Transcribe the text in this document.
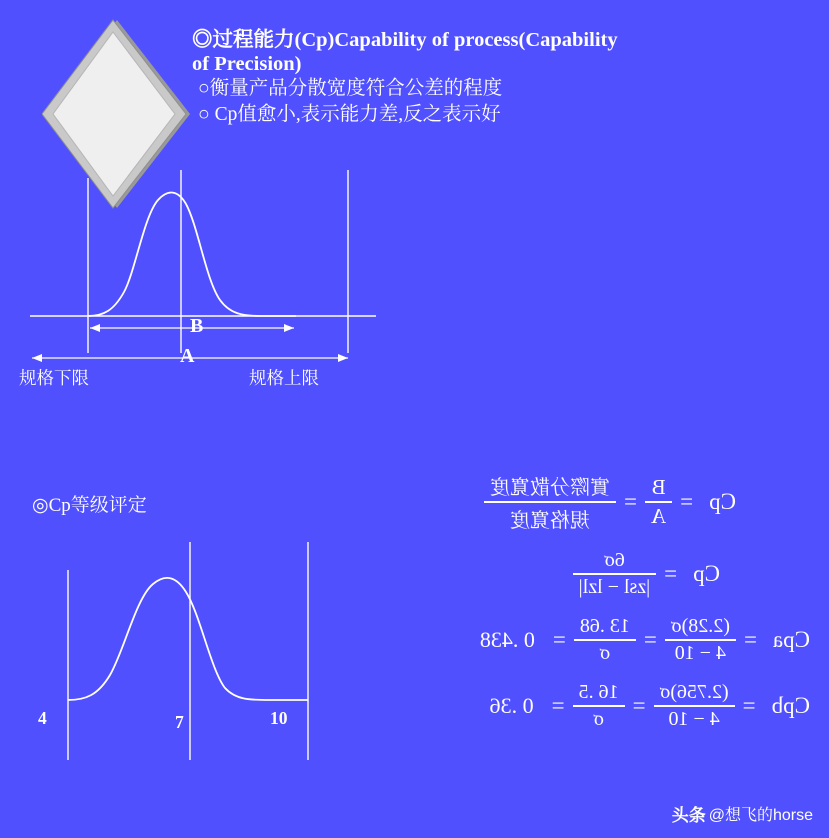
◎过程能力(Cp)Capability of process(Capability
of Precision)
○衡量产品分散宽度符合公差的程度
○ Cp值愈小,表示能力差,反之表示好
B
A
规格下限	规格上限
◎Cp等级评定
4	7	10
Cp
=
$\frac{B}{A}$
=
$\frac{\text{實際分散寬度}}{\text{規格寬度}}$
Cp
=
$\frac{6\sigma}{\text{|zsl − lzl|}}$
Cpa
=
$\frac{(2.28)\sigma}{4 - 10}$
=
$\frac{13 .68}{\sigma}$
=
0 .438
Cpb
=
$\frac{(2.756)\sigma}{4 - 10}$
=
$\frac{16 .5}{\sigma}$
=
0 .36
头条 @想飞的horse
